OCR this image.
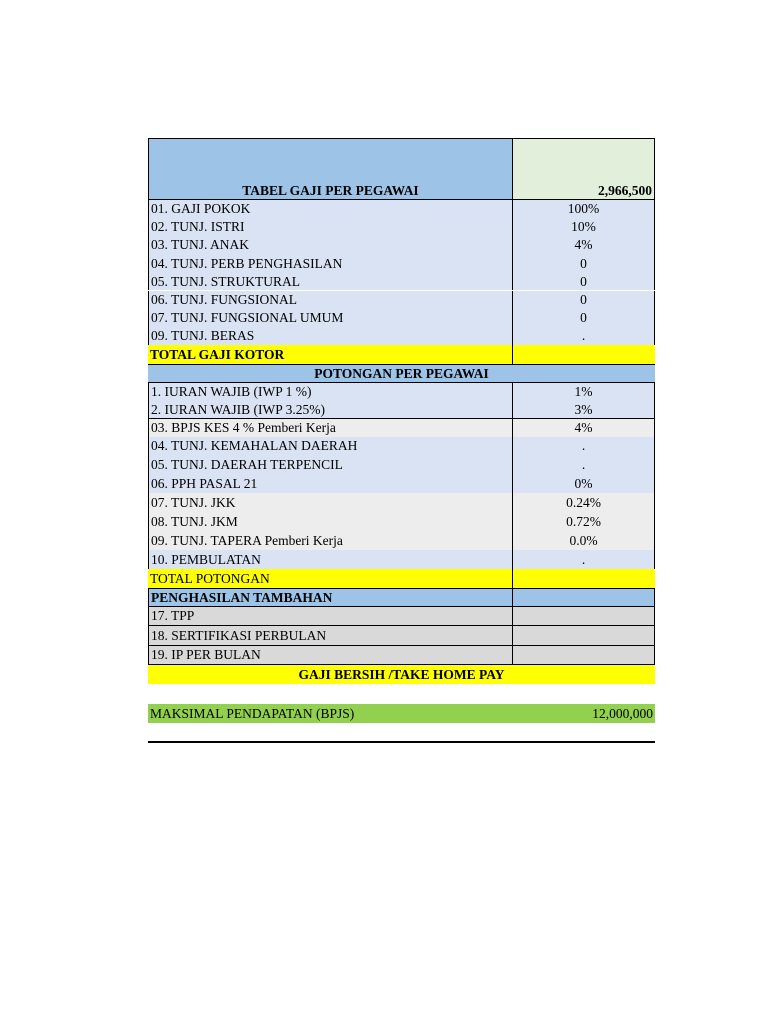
TABEL GAJI PER PEGAWAI	2,966,500
01. GAJI POKOK	100%
02. TUNJ. ISTRI	10%
03. TUNJ. ANAK	4%
04. TUNJ. PERB PENGHASILAN	0
05. TUNJ. STRUKTURAL	0
06. TUNJ. FUNGSIONAL	0
07. TUNJ. FUNGSIONAL UMUM	0
09. TUNJ. BERAS	.
TOTAL GAJI KOTOR
POTONGAN PER PEGAWAI
1. IURAN WAJIB (IWP 1 %)	1%
2. IURAN WAJIB (IWP 3.25%)	3%
03. BPJS KES 4 % Pemberi Kerja	4%
04. TUNJ. KEMAHALAN DAERAH	.
05. TUNJ. DAERAH TERPENCIL	.
06. PPH PASAL 21	0%
07. TUNJ. JKK	0.24%
08. TUNJ. JKM	0.72%
09. TUNJ. TAPERA Pemberi Kerja	0.0%
10. PEMBULATAN	.
TOTAL POTONGAN
PENGHASILAN TAMBAHAN
17. TPP
18. SERTIFIKASI PERBULAN
19. IP PER BULAN
GAJI BERSIH /TAKE HOME PAY
MAKSIMAL PENDAPATAN (BPJS)	12,000,000
